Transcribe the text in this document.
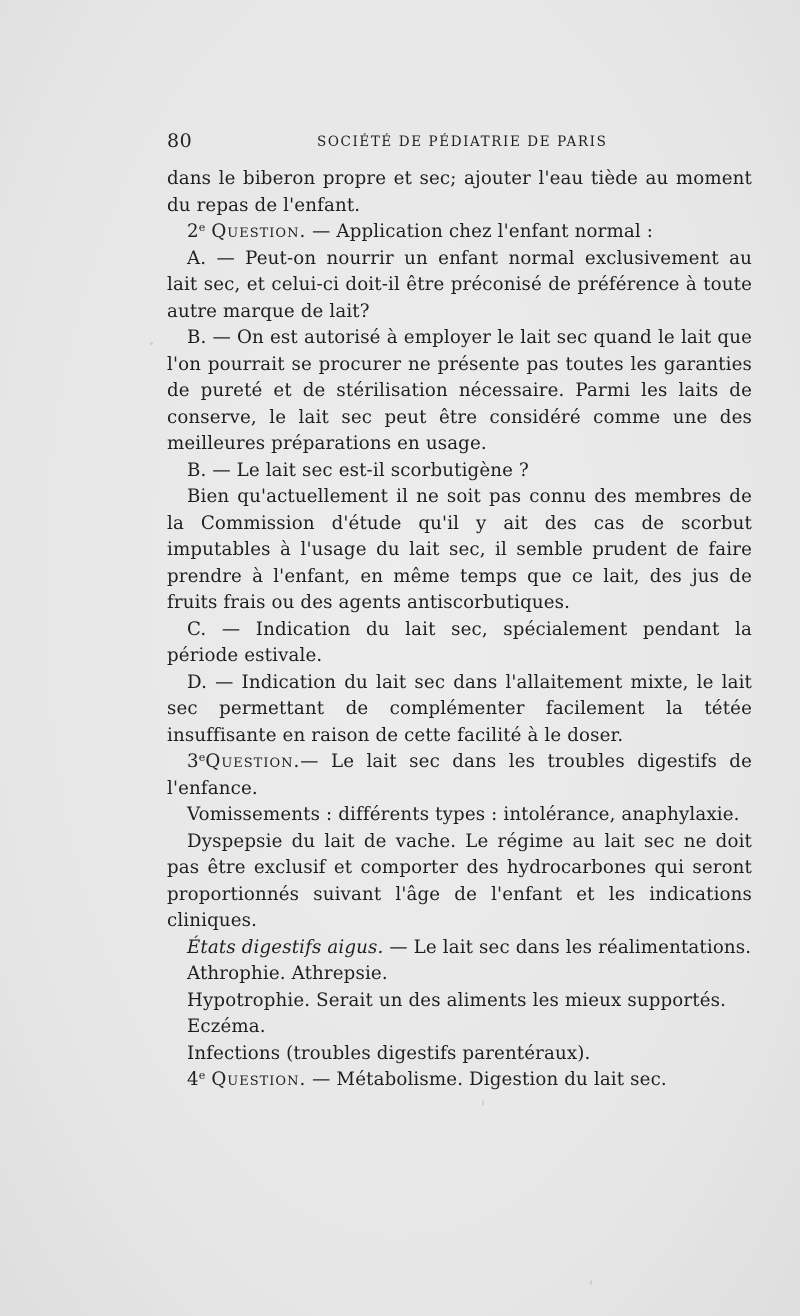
80	SOCIÉTÉ DE PÉDIATRIE DE PARIS

dans le biberon propre et sec; ajouter l'eau tiède au moment du repas de l'enfant.

2e Question. — Application chez l'enfant normal :

A. — Peut-on nourrir un enfant normal exclusivement au lait sec, et celui-ci doit-il être préconisé de préférence à toute autre marque de lait?

B. — On est autorisé à employer le lait sec quand le lait que l'on pourrait se procurer ne présente pas toutes les garanties de pureté et de stérilisation nécessaire. Parmi les laits de conserve, le lait sec peut être considéré comme une des meilleures préparations en usage.

B. — Le lait sec est-il scorbutigène ?

Bien qu'actuellement il ne soit pas connu des membres de la Commission d'étude qu'il y ait des cas de scorbut imputables à l'usage du lait sec, il semble prudent de faire prendre à l'enfant, en même temps que ce lait, des jus de fruits frais ou des agents antiscorbutiques.

C. — Indication du lait sec, spécialement pendant la période estivale.

D. — Indication du lait sec dans l'allaitement mixte, le lait sec permettant de complémenter facilement la tétée insuffisante en raison de cette facilité à le doser.

3eQuestion.— Le lait sec dans les troubles digestifs de l'enfance.

Vomissements : différents types : intolérance, anaphylaxie.

Dyspepsie du lait de vache. Le régime au lait sec ne doit pas être exclusif et comporter des hydrocarbones qui seront proportionnés suivant l'âge de l'enfant et les indications cliniques.

États digestifs aigus. — Le lait sec dans les réalimentations.

Athrophie. Athrepsie.

Hypotrophie. Serait un des aliments les mieux supportés.

Eczéma.

Infections (troubles digestifs parentéraux).

4e Question. — Métabolisme. Digestion du lait sec.
